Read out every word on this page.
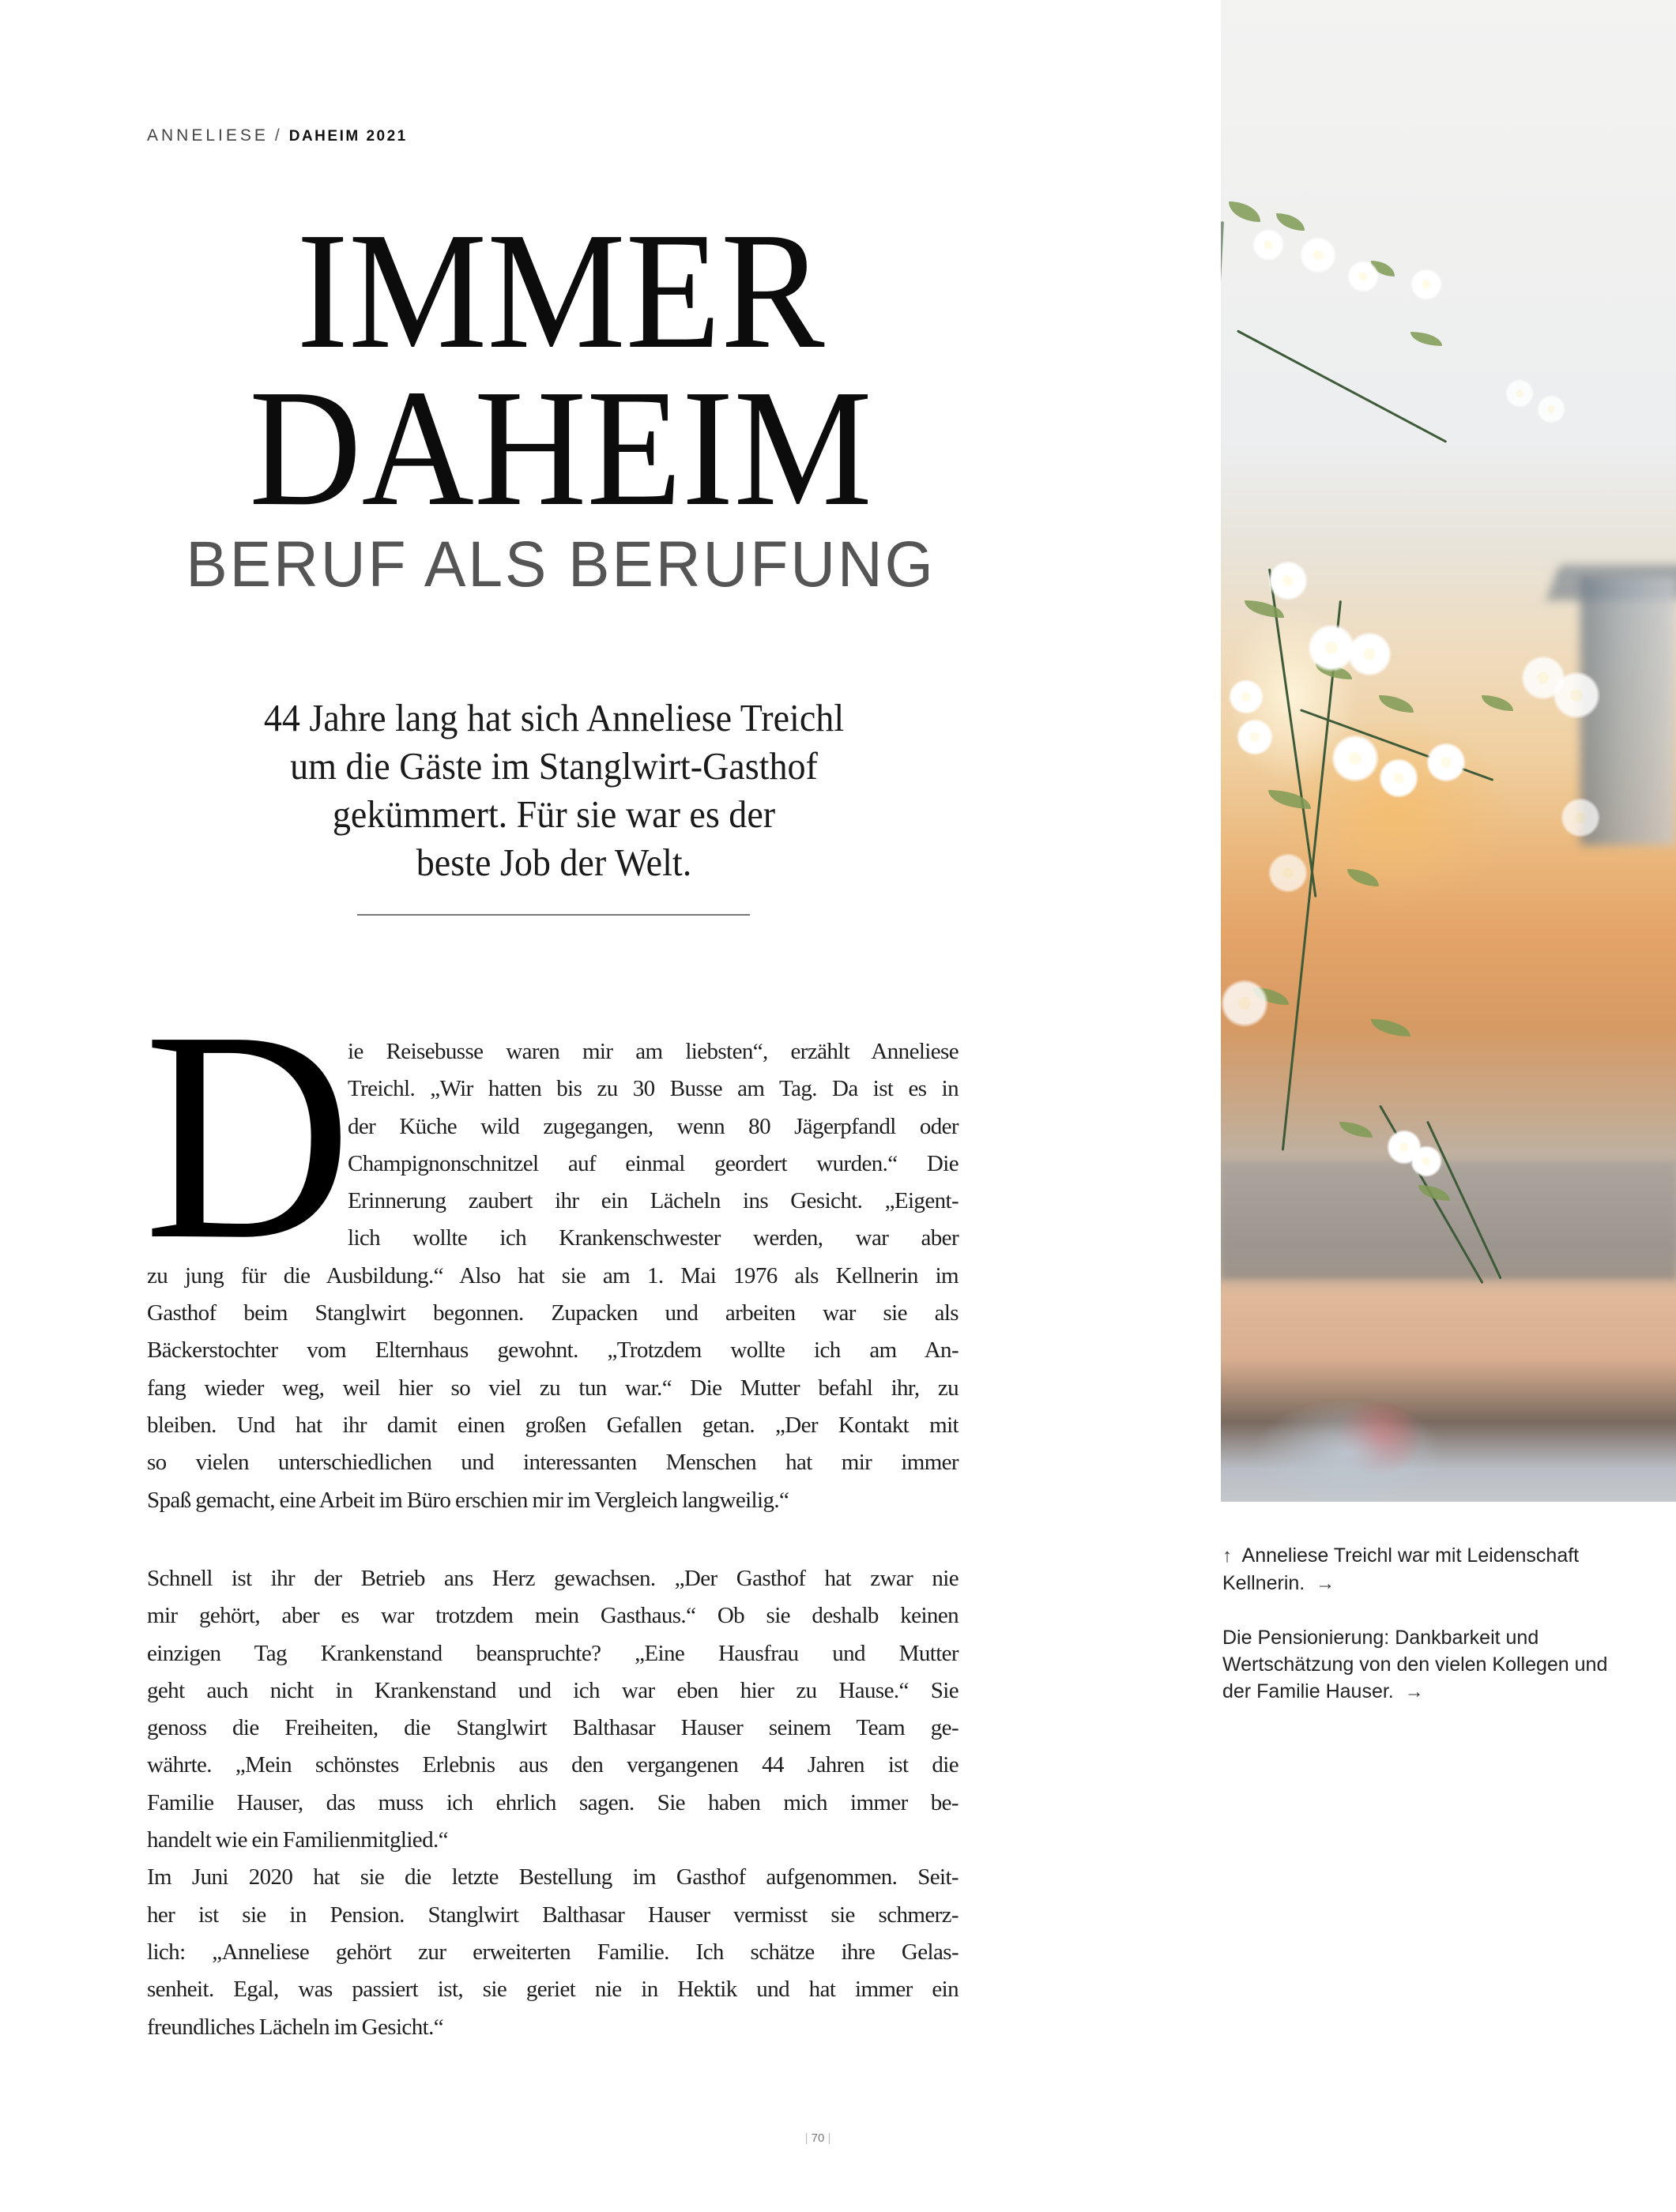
ANNELIESE / DAHEIM 2021
IMMER
DAHEIM
BERUF ALS BERUFUNG
44 Jahre lang hat sich Anneliese Treichl
um die Gäste im Stanglwirt-Gasthof
gekümmert. Für sie war es der
beste Job der Welt.
D
ie Reisebusse waren mir am liebsten“, erzählt Anneliese
Treichl. „Wir hatten bis zu 30 Busse am Tag. Da ist es in
der Küche wild zugegangen, wenn 80 Jägerpfandl oder
Champignonschnitzel auf einmal geordert wurden.“ Die
Erinnerung zaubert ihr ein Lächeln ins Gesicht. „Eigent-
lich wollte ich Krankenschwester werden, war aber
zu jung für die Ausbildung.“ Also hat sie am 1. Mai 1976 als Kellnerin im
Gasthof beim Stanglwirt begonnen. Zupacken und arbeiten war sie als
Bäckerstochter vom Elternhaus gewohnt. „Trotzdem wollte ich am An-
fang wieder weg, weil hier so viel zu tun war.“ Die Mutter befahl ihr, zu
bleiben. Und hat ihr damit einen großen Gefallen getan. „Der Kontakt mit
so vielen unterschiedlichen und interessanten Menschen hat mir immer
Spaß gemacht, eine Arbeit im Büro erschien mir im Vergleich langweilig.“
Schnell ist ihr der Betrieb ans Herz gewachsen. „Der Gasthof hat zwar nie
mir gehört, aber es war trotzdem mein Gasthaus.“ Ob sie deshalb keinen
einzigen Tag Krankenstand beanspruchte? „Eine Hausfrau und Mutter
geht auch nicht in Krankenstand und ich war eben hier zu Hause.“ Sie
genoss die Freiheiten, die Stanglwirt Balthasar Hauser seinem Team ge-
währte. „Mein schönstes Erlebnis aus den vergangenen 44 Jahren ist die
Familie Hauser, das muss ich ehrlich sagen. Sie haben mich immer be-
handelt wie ein Familienmitglied.“
Im Juni 2020 hat sie die letzte Bestellung im Gasthof aufgenommen. Seit-
her ist sie in Pension. Stanglwirt Balthasar Hauser vermisst sie schmerz-
lich: „Anneliese gehört zur erweiterten Familie. Ich schätze ihre Gelas-
senheit. Egal, was passiert ist, sie geriet nie in Hektik und hat immer ein
freundliches Lächeln im Gesicht.“

↑ Anneliese Treichl war mit Leidenschaft Kellnerin. →

Die Pensionierung: Dankbarkeit und Wertschätzung von den vielen Kollegen und der Familie Hauser. →

| 70 |
